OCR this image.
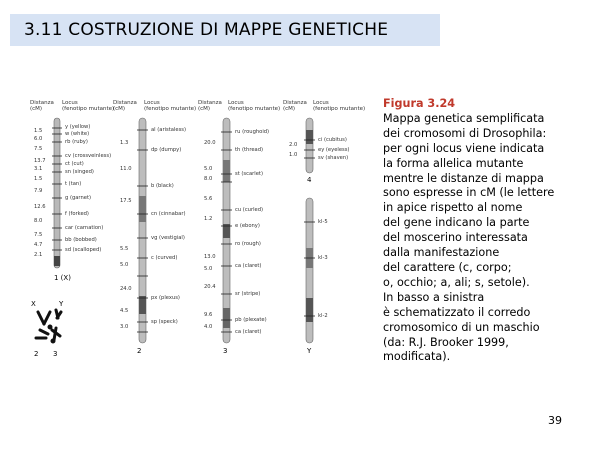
3.11 COSTRUZIONE DI MAPPE GENETICHE
Distanza
(cM)
Locus
(fenotipo mutante)
Distanza
(cM)
Locus
(fenotipo mutante)
Distanza
(cM)
Locus
(fenotipo mutante)
Distanza
(cM)
Locus
(fenotipo mutante)
1 (X)
1.5
6.0
7.5
13.7
3.1
1.5
7.9
12.6
8.0
7.5
4.7
2.1
y (yellow)
w (white)
rb (ruby)
cv (crossveinless)
ct (cut)
sn (singed)
t (tan)
g (garnet)
f (forked)
car (carnation)
bb (bobbed)
sd (scalloped)
2
1.3
11.0
17.5
5.5
5.0
24.0
4.5
3.0
al (aristaless)
dp (dumpy)
b (black)
cn (cinnabar)
vg (vestigial)
c (curved)
px (plexus)
sp (speck)
3
20.0
5.0
8.0
5.6
1.2
13.0
5.0
20.4
9.6
4.0
ru (roughoid)
th (thread)
st (scarlet)
cu (curled)
e (ebony)
ro (rough)
ca (claret)
sr (stripe)
pb (plexate)
ca (claret)
4
2.0
1.0
ci (cubitus)
ey (eyeless)
sv (shaven)
Y
kl-5
kl-3
kl-2
X	Y
2 3
Figura 3.24
Mappa genetica semplificata
dei cromosomi di Drosophila:
per ogni locus viene indicata
la forma allelica mutante
mentre le distanze di mappa
sono espresse in cM (le lettere
in apice rispetto al nome
del gene indicano la parte
del moscerino interessata
dalla manifestazione
del carattere (c, corpo;
o, occhio; a, ali; s, setole).
In basso a sinistra
è schematizzato il corredo
cromosomico di un maschio
(da: R.J. Brooker 1999,
modificata).
39
